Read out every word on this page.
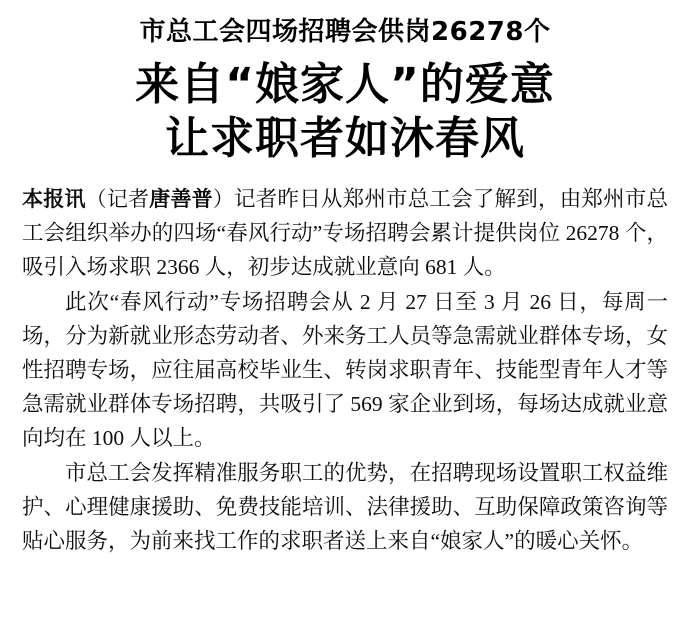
市总工会四场招聘会供岗26278个
来自“娘家人”的爱意
让求职者如沐春风

本报讯（记者唐善普）记者昨日从郑州市总工会了解到，由郑州市总工会组织举办的四场“春风行动”专场招聘会累计提供岗位 26278 个，吸引入场求职 2366 人，初步达成就业意向 681 人。

此次“春风行动”专场招聘会从 2 月 27 日至 3 月 26 日，每周一场，分为新就业形态劳动者、外来务工人员等急需就业群体专场，女性招聘专场，应往届高校毕业生、转岗求职青年、技能型青年人才等急需就业群体专场招聘，共吸引了 569 家企业到场，每场达成就业意向均在 100 人以上。

市总工会发挥精准服务职工的优势，在招聘现场设置职工权益维护、心理健康援助、免费技能培训、法律援助、互助保障政策咨询等贴心服务，为前来找工作的求职者送上来自“娘家人”的暖心关怀。
